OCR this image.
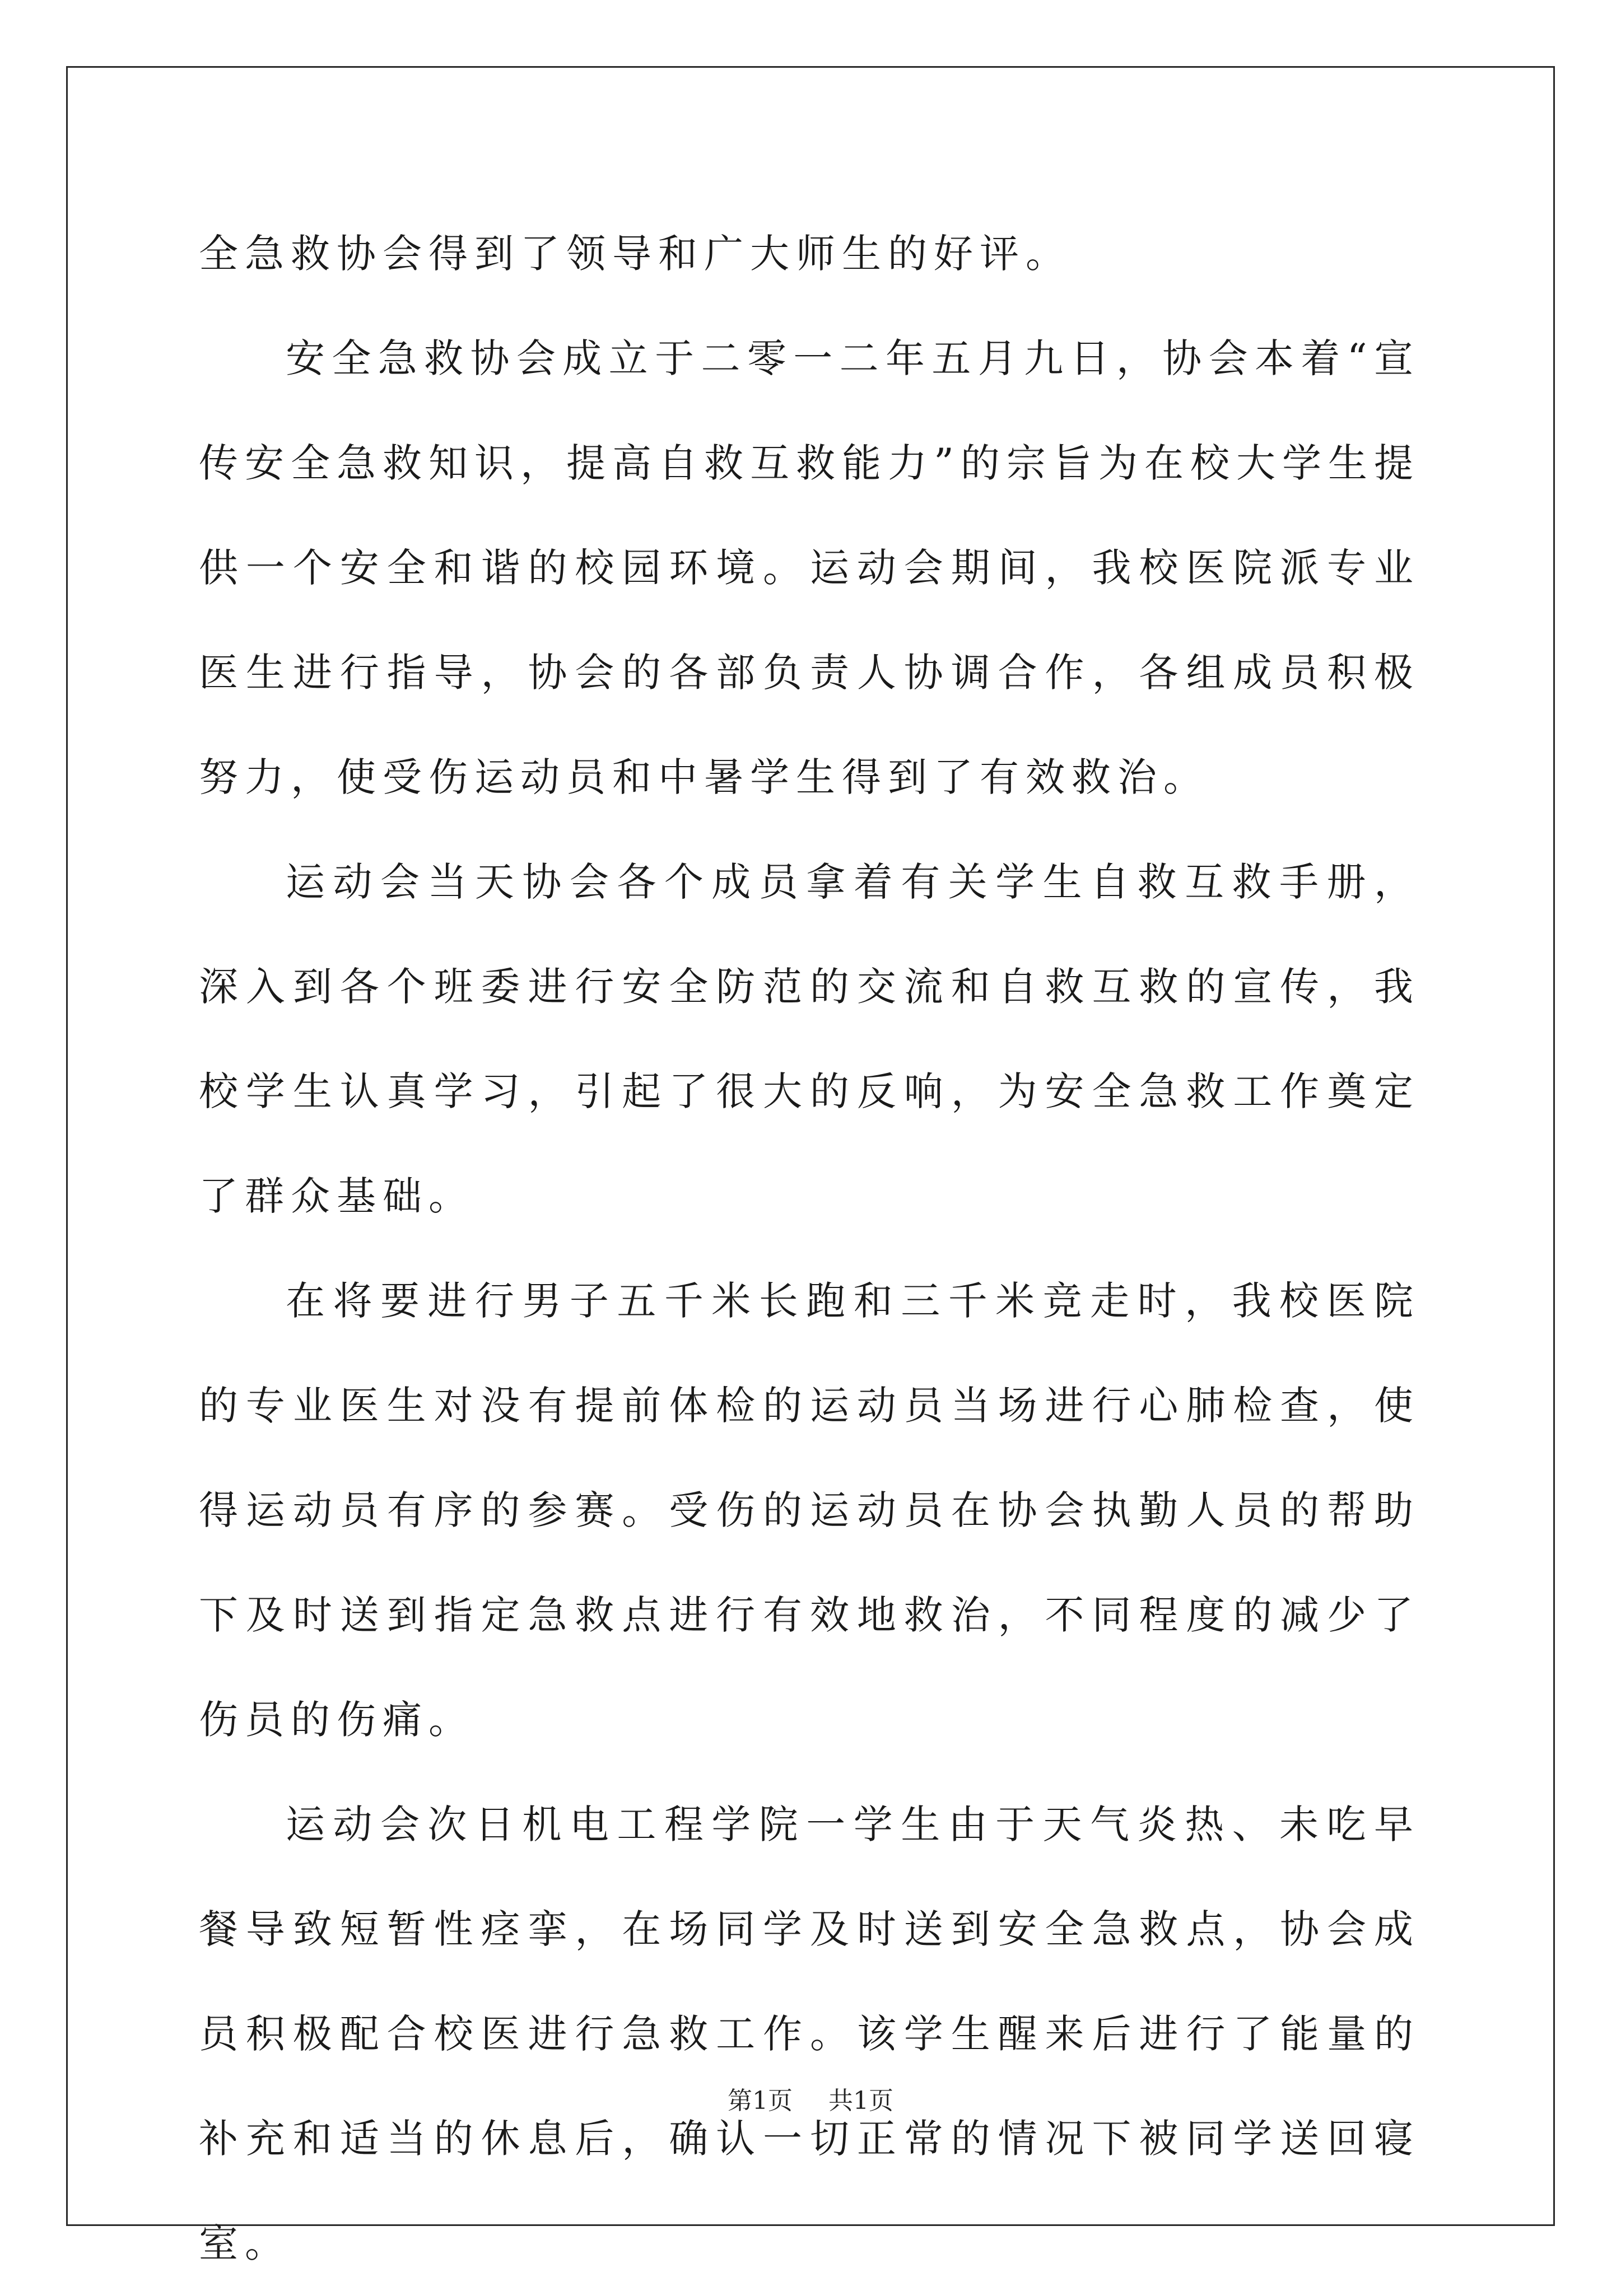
全急救协会得到了领导和广大师生的好评。

安全急救协会成立于二零一二年五月九日，协会本着“宣传安全急救知识，提高自救互救能力”的宗旨为在校大学生提供一个安全和谐的校园环境。运动会期间，我校医院派专业医生进行指导，协会的各部负责人协调合作，各组成员积极努力，使受伤运动员和中暑学生得到了有效救治。

运动会当天协会各个成员拿着有关学生自救互救手册，深入到各个班委进行安全防范的交流和自救互救的宣传，我校学生认真学习，引起了很大的反响，为安全急救工作奠定了群众基础。

在将要进行男子五千米长跑和三千米竞走时，我校医院的专业医生对没有提前体检的运动员当场进行心肺检查，使得运动员有序的参赛。受伤的运动员在协会执勤人员的帮助下及时送到指定急救点进行有效地救治，不同程度的减少了伤员的伤痛。

运动会次日机电工程学院一学生由于天气炎热、未吃早餐导致短暂性痉挛，在场同学及时送到安全急救点，协会成员积极配合校医进行急救工作。该学生醒来后进行了能量的补充和适当的休息后，确认一切正常的情况下被同学送回寝室。

第1页 共1页
